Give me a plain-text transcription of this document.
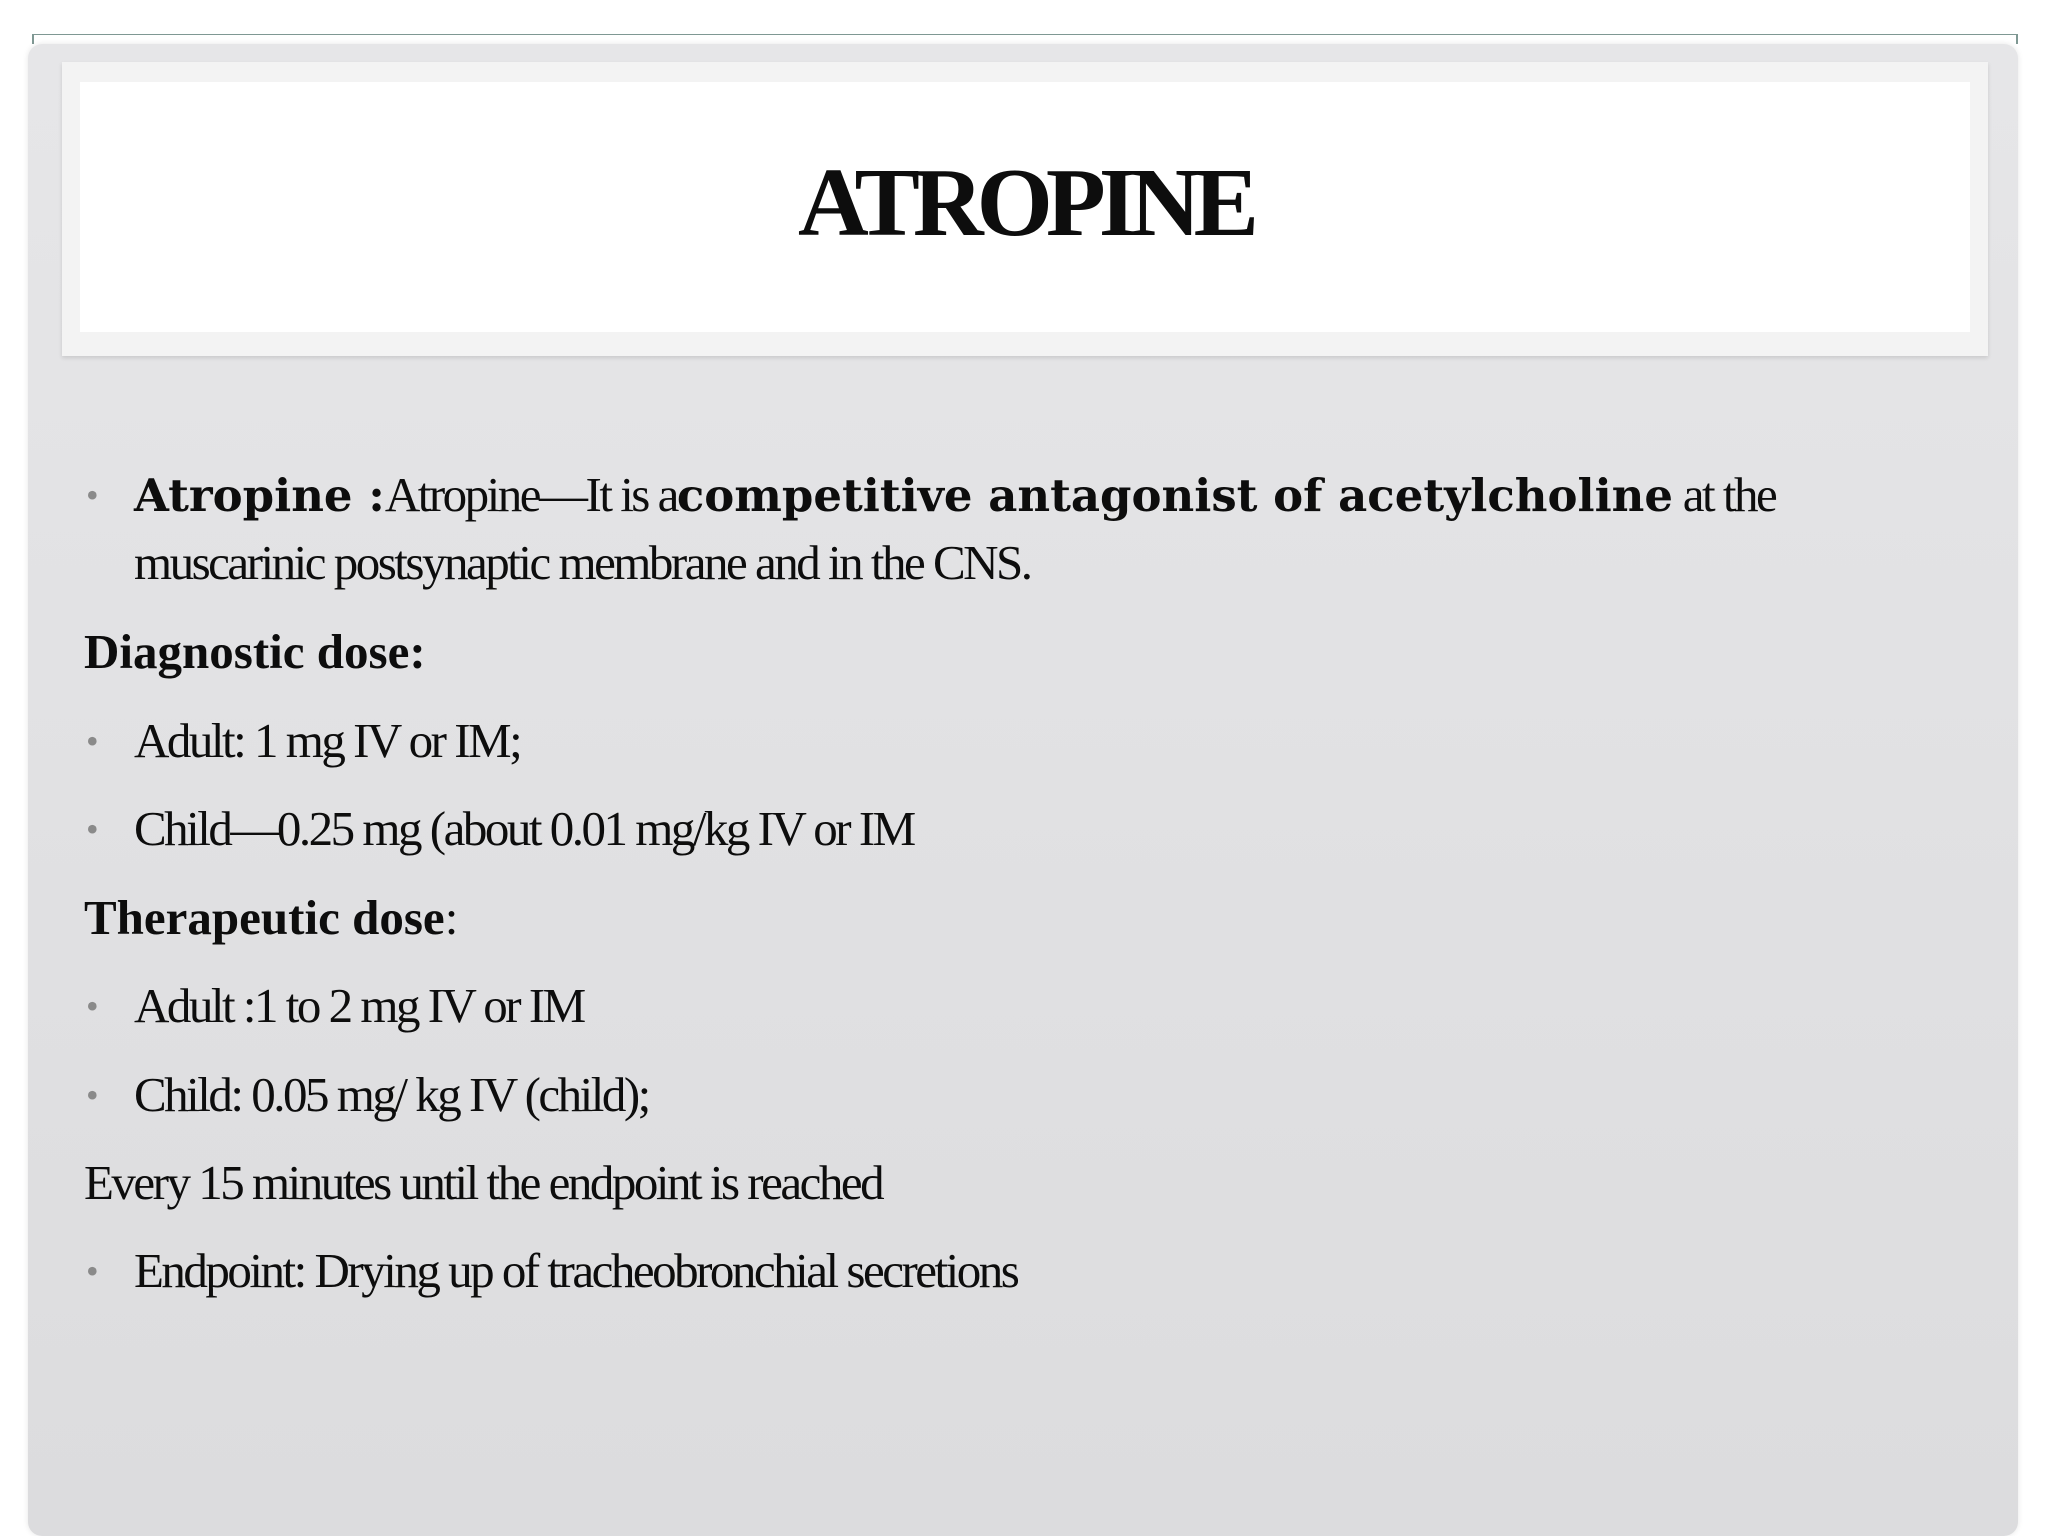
ATROPINE
• Atropine :Atropine—It is acompetitive antagonist of acetylcholine at the
muscarinic postsynaptic membrane and in the CNS.
Diagnostic dose:
• Adult: 1 mg IV or IM;
• Child—0.25 mg (about 0.01 mg/kg IV or IM
Therapeutic dose:
• Adult :1 to 2 mg IV or IM
• Child: 0.05 mg/ kg IV (child);
Every 15 minutes until the endpoint is reached
• Endpoint: Drying up of tracheobronchial secretions
